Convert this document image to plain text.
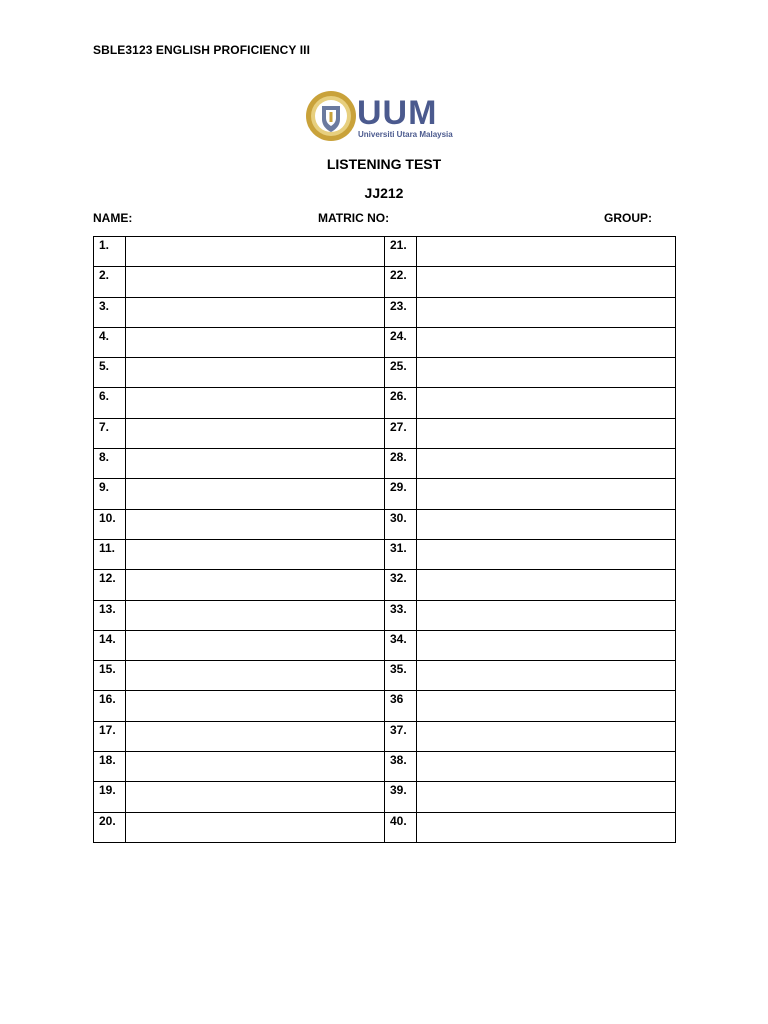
SBLE3123 ENGLISH PROFICIENCY III
UUM
Universiti Utara Malaysia
LISTENING TEST
JJ212
NAME:	MATRIC NO:	GROUP:
1.		21.	
2.		22.	
3.		23.	
4.		24.	
5.		25.	
6.		26.	
7.		27.	
8.		28.	
9.		29.	
10.		30.	
11.		31.	
12.		32.	
13.		33.	
14.		34.	
15.		35.	
16.		36	
17.		37.	
18.		38.	
19.		39.	
20.		40.	
